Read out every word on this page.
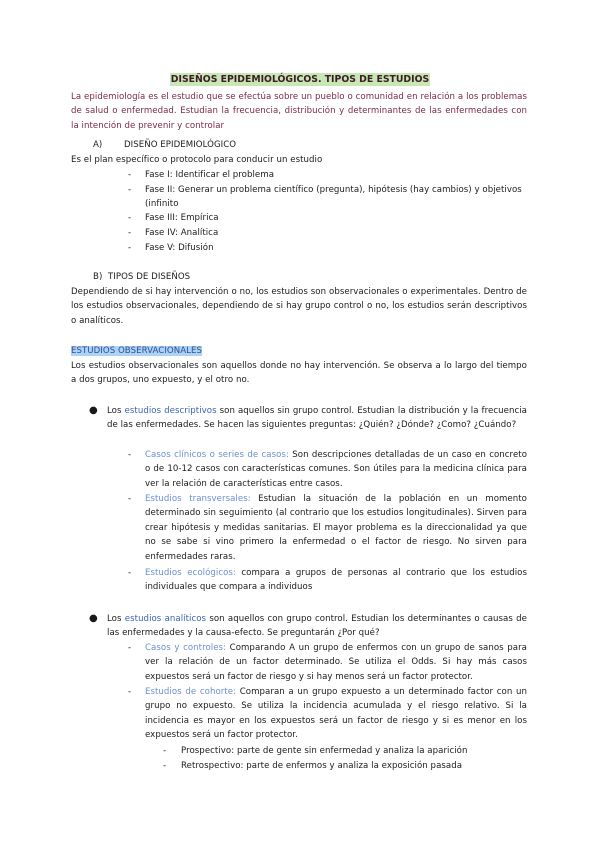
DISEÑOS EPIDEMIOLÓGICOS. TIPOS DE ESTUDIOS

La epidemiología es el estudio que se efectúa sobre un pueblo o comunidad en relación a los problemas de salud o enfermedad. Estudian la frecuencia, distribución y determinantes de las enfermedades con la intención de prevenir y controlar

A)	DISEÑO EPIDEMIOLÓGICO
Es el plan específico o protocolo para conducir un estudio
- Fase I: Identificar el problema
- Fase II: Generar un problema científico (pregunta), hipótesis (hay cambios) y objetivos (infinito
- Fase III: Empírica
- Fase IV: Analítica
- Fase V: Difusión
B) TIPOS DE DISEÑOS

Dependiendo de si hay intervención o no, los estudios son observacionales o experimentales. Dentro de los estudios observacionales, dependiendo de si hay grupo control o no, los estudios serán descriptivos o analíticos.

ESTUDIOS OBSERVACIONALES

Los estudios observacionales son aquellos donde no hay intervención. Se observa a lo largo del tiempo a dos grupos, uno expuesto, y el otro no.

● Los estudios descriptivos son aquellos sin grupo control. Estudian la distribución y la frecuencia de las enfermedades. Se hacen las siguientes preguntas: ¿Quién? ¿Dónde? ¿Como? ¿Cuándo?

- Casos clínicos o series de casos: Son descripciones detalladas de un caso en concreto o de 10-12 casos con características comunes. Son útiles para la medicina clínica para ver la relación de características entre casos.

- Estudios transversales: Estudian la situación de la población en un momento determinado sin seguimiento (al contrario que los estudios longitudinales). Sirven para crear hipótesis y medidas sanitarias. El mayor problema es la direccionalidad ya que no se sabe si vino primero la enfermedad o el factor de riesgo. No sirven para enfermedades raras.

- Estudios ecológicos: compara a grupos de personas al contrario que los estudios individuales que compara a individuos

● Los estudios analíticos son aquellos con grupo control. Estudian los determinantes o causas de las enfermedades y la causa-efecto. Se preguntarán ¿Por qué?

- Casos y controles: Comparando A un grupo de enfermos con un grupo de sanos para ver la relación de un factor determinado. Se utiliza el Odds. Si hay más casos expuestos será un factor de riesgo y si hay menos será un factor protector.

- Estudios de cohorte: Comparan a un grupo expuesto a un determinado factor con un grupo no expuesto. Se utiliza la incidencia acumulada y el riesgo relativo. Si la incidencia es mayor en los expuestos será un factor de riesgo y si es menor en los expuestos será un factor protector.

- Prospectivo: parte de gente sin enfermedad y analiza la aparición
- Retrospectivo: parte de enfermos y analiza la exposición pasada
